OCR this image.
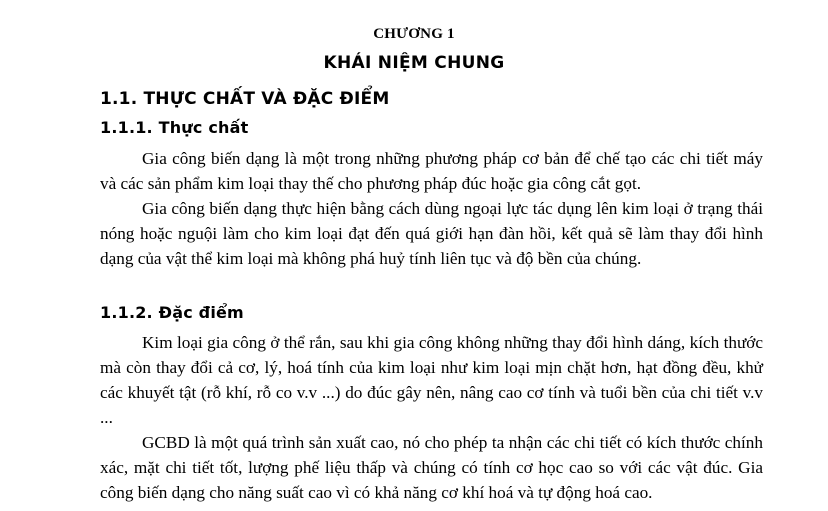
CHƯƠNG 1
KHÁI NIỆM CHUNG
1.1. THỰC CHẤT VÀ ĐẶC ĐIỂM
1.1.1. Thực chất

Gia công biến dạng là một trong những phương pháp cơ bản để chế tạo các chi tiết máy và các sản phẩm kim loại thay thế cho phương pháp đúc hoặc gia công cắt gọt.

Gia công biến dạng thực hiện bằng cách dùng ngoại lực tác dụng lên kim loại ở trạng thái nóng hoặc nguội làm cho kim loại đạt đến quá giới hạn đàn hồi, kết quả sẽ làm thay đổi hình dạng của vật thể kim loại mà không phá huỷ tính liên tục và độ bền của chúng.

1.1.2. Đặc điểm

Kim loại gia công ở thể rắn, sau khi gia công không những thay đổi hình dáng, kích thước mà còn thay đổi cả cơ, lý, hoá tính của kim loại như kim loại mịn chặt hơn, hạt đồng đều, khử các khuyết tật (rỗ khí, rỗ co v.v ...) do đúc gây nên, nâng cao cơ tính và tuổi bền của chi tiết v.v ...

GCBD là một quá trình sản xuất cao, nó cho phép ta nhận các chi tiết có kích thước chính xác, mặt chi tiết tốt, lượng phế liệu thấp và chúng có tính cơ học cao so với các vật đúc. Gia công biến dạng cho năng suất cao vì có khả năng cơ khí hoá và tự động hoá cao.
